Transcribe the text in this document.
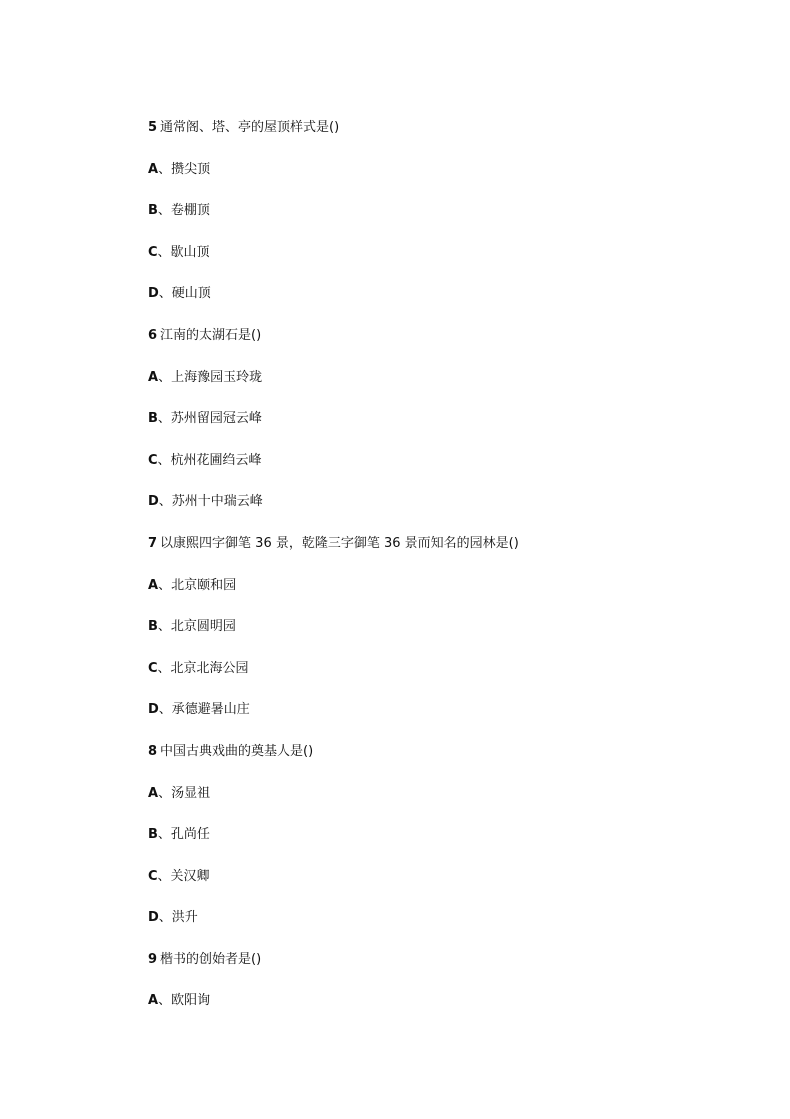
5 通常阁、塔、亭的屋顶样式是()
A、攒尖顶
B、卷棚顶
C、歇山顶
D、硬山顶
6 江南的太湖石是()
A、上海豫园玉玲珑
B、苏州留园冠云峰
C、杭州花圃绉云峰
D、苏州十中瑞云峰
7 以康熙四字御笔 36 景，乾隆三字御笔 36 景而知名的园林是()
A、北京颐和园
B、北京圆明园
C、北京北海公园
D、承德避暑山庄
8 中国古典戏曲的奠基人是()
A、汤显祖
B、孔尚任
C、关汉卿
D、洪升
9 楷书的创始者是()
A、欧阳询
